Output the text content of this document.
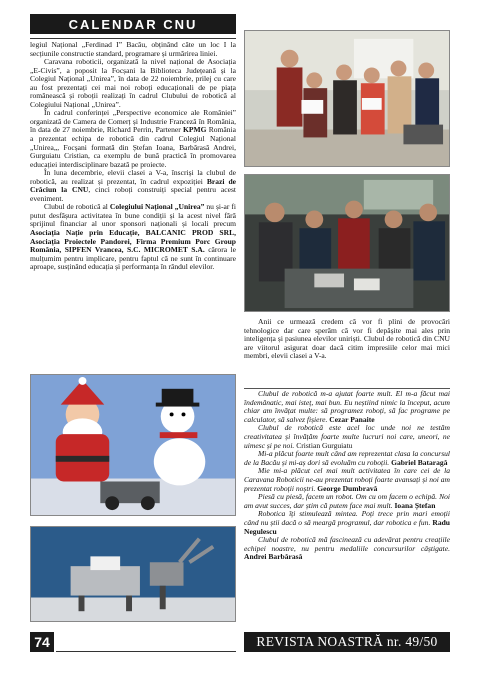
CALENDAR CNU

legiul Național „Ferdinad I” Bacău, obținând câte un loc I la secțiunile constructie standard, programare și urmărirea liniei.

Caravana roboticii, organizată la nivel național de Asociația „E-Civis”, a poposit la Focșani la Biblioteca Județeană și la Colegiul Național „Unirea”, în data de 22 noiembrie, prilej cu care au fost prezentați cei mai noi roboți educaționali de pe piața românească și roboții realizați în cadrul Clubului de robotică al Colegiului Național „Unirea”.

În cadrul conferinței „Perspective economice ale României” organizată de Camera de Comerț și Industrie Franceză în România, în data de 27 noiembrie, Richard Perrin, Partener KPMG România a prezentat echipa de robotică din cadrul Colegiul Național „Unirea„, Focșani formată din Ștefan Ioana, Barbărasă Andrei, Gurguiatu Cristian, ca exemplu de bună practică în promovarea educației interdisciplinare bazată pe proiecte.

În luna decembrie, elevii clasei a V-a, înscriși la clubul de robotică, au realizat și prezentat, în cadrul expoziției Brazi de Crăciun la CNU, cinci roboți construiți special pentru acest eveniment.

Clubul de robotică al Colegiului Național „Unirea” nu și-ar fi putut desfășura activitatea în bune condiții și la acest nivel fără sprijinul financiar al unor sponsori naționali și locali precum Asociația Nație prin Educație, BALCANIC PROD SRL, Asociația Proiectele Pandorei, Firma Premium Porc Group România, SIPFEN Vrancea, S.C. MICROMET S.A. cărora le mulțumim pentru implicare, pentru faptul că ne sunt în continuare aproape, susținând educația și performanța în rândul elevilor.

Anii ce urmează credem că vor fi plini de provocări tehnologice dar care sperăm că vor fi depășite mai ales prin inteligența și pasiunea elevilor uniriști. Clubul de robotică din CNU are viitorul asigurat doar dacă citim impresiile celor mai mici membri, elevii clasei a V-a.

Clubul de robotică m-a ajutat foarte mult. El m-a făcut mai îndemânatic, mai isteț, mai bun. Eu neștiind nimic la început, acum chiar am învățat multe: să programez roboți, să fac programe pe calculator, să salvez fișiere. Cezar Panaite

Clubul de robotică este acel loc unde noi ne testăm creativitatea și învățăm foarte multe lucruri noi care, uneori, ne uimesc și pe noi. Cristian Gurguiatu

Mi-a plăcut foarte mult când am reprezentat clasa la concursul de la Bacău și mi-aș dori să evoluăm cu roboții. Gabriel Bataragă

Mie mi-a plăcut cel mai mult activitatea în care cei de la Caravana Roboticii ne-au prezentat roboți foarte avansați și noi am prezentat roboții noștri. George Dumbravă

Piesă cu piesă, facem un robot. Om cu om facem o echipă. Noi am avut succes, dar știm că putem face mai mult. Ioana Ștefan

Robotica îți stimulează mintea. Poți trece prin mari emoții când nu știi dacă o să meargă programul, dar robotica e fun. Radu Negulescu

Clubul de robotică mă fascinează cu adevărat pentru creațiile echipei noastre, nu pentru medaliile concursurilor câștigate. Andrei Barbărasă

74	REVISTA NOASTRĂ nr. 49/50
